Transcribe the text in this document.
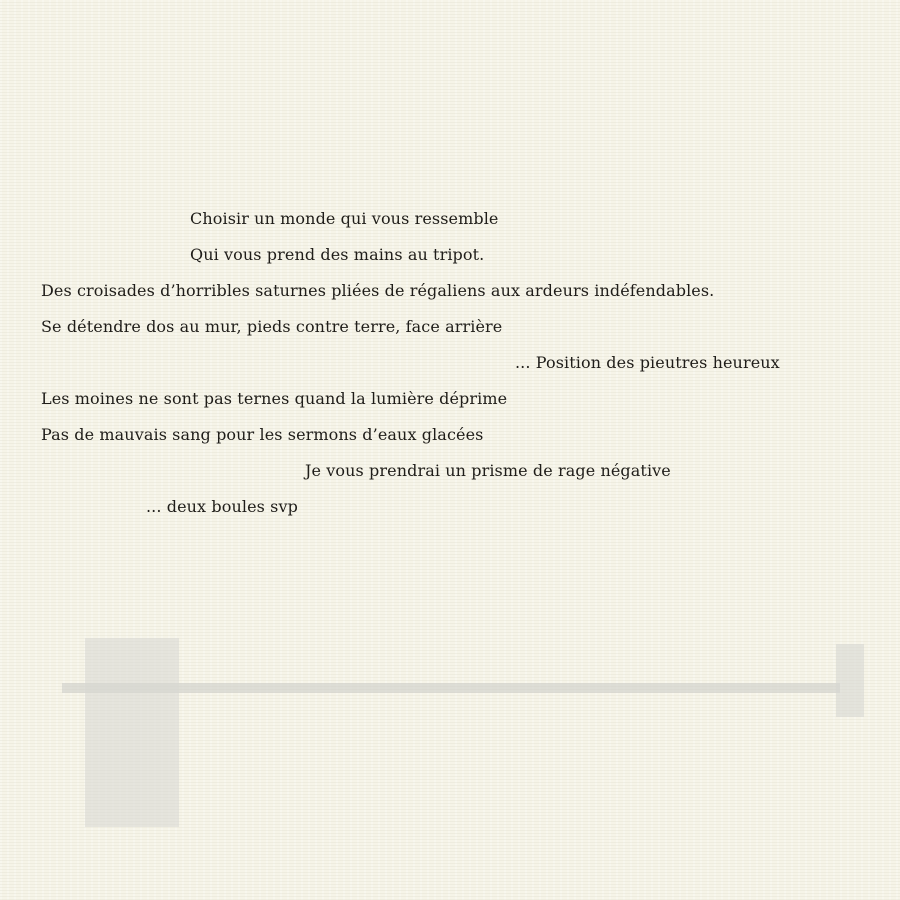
Choisir un monde qui vous ressemble
Qui vous prend des mains au tripot.
Des croisades d’horribles saturnes pliées de régaliens aux ardeurs indéfendables.
Se détendre dos au mur, pieds contre terre, face arrière
... Position des pieutres heureux
Les moines ne sont pas ternes quand la lumière déprime
Pas de mauvais sang pour les sermons d’eaux glacées
Je vous prendrai un prisme de rage négative
... deux boules svp
